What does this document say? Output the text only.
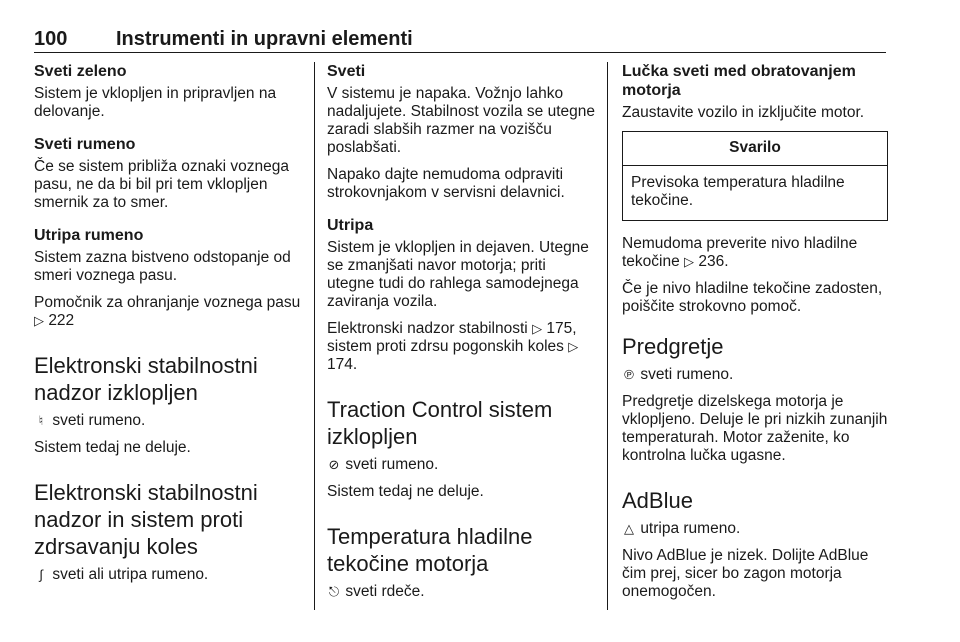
100 Instrumenti in upravni elementi
Sveti zeleno

Sistem je vklopljen in pripravljen na delovanje.

Sveti rumeno

Če se sistem približa oznaki voznega pasu, ne da bi bil pri tem vklopljen smernik za to smer.

Utripa rumeno

Sistem zazna bistveno odstopanje od smeri voznega pasu.

Pomočnik za ohranjanje voznega pasu ▷ 222

Elektronski stabilnostni nadzor izklopljen

♮ sveti rumeno.

Sistem tedaj ne deluje.

Elektronski stabilnostni nadzor in sistem proti zdrsavanju koles

∫ sveti ali utripa rumeno.

Sveti

V sistemu je napaka. Vožnjo lahko nadaljujete. Stabilnost vozila se utegne zaradi slabših razmer na vozišču poslabšati.

Napako dajte nemudoma odpraviti strokovnjakom v servisni delavnici.

Utripa

Sistem je vklopljen in dejaven. Utegne se zmanjšati navor motorja; priti utegne tudi do rahlega samodejnega zaviranja vozila.

Elektronski nadzor stabilnosti ▷ 175, sistem proti zdrsu pogonskih koles ▷ 174.

Traction Control sistem izklopljen

⊘ sveti rumeno.

Sistem tedaj ne deluje.

Temperatura hladilne tekočine motorja

⎋ sveti rdeče.

Lučka sveti med obratovanjem motorja

Zaustavite vozilo in izključite motor.

Svarilo
Previsoka temperatura hladilne tekočine.

Nemudoma preverite nivo hladilne tekočine ▷ 236.

Če je nivo hladilne tekočine zadosten, poiščite strokovno pomoč.

Predgretje

℗ sveti rumeno.

Predgretje dizelskega motorja je vklopljeno. Deluje le pri nizkih zunanjih temperaturah. Motor zaženite, ko kontrolna lučka ugasne.

AdBlue

△ utripa rumeno.

Nivo AdBlue je nizek. Dolijte AdBlue čim prej, sicer bo zagon motorja onemogočen.
